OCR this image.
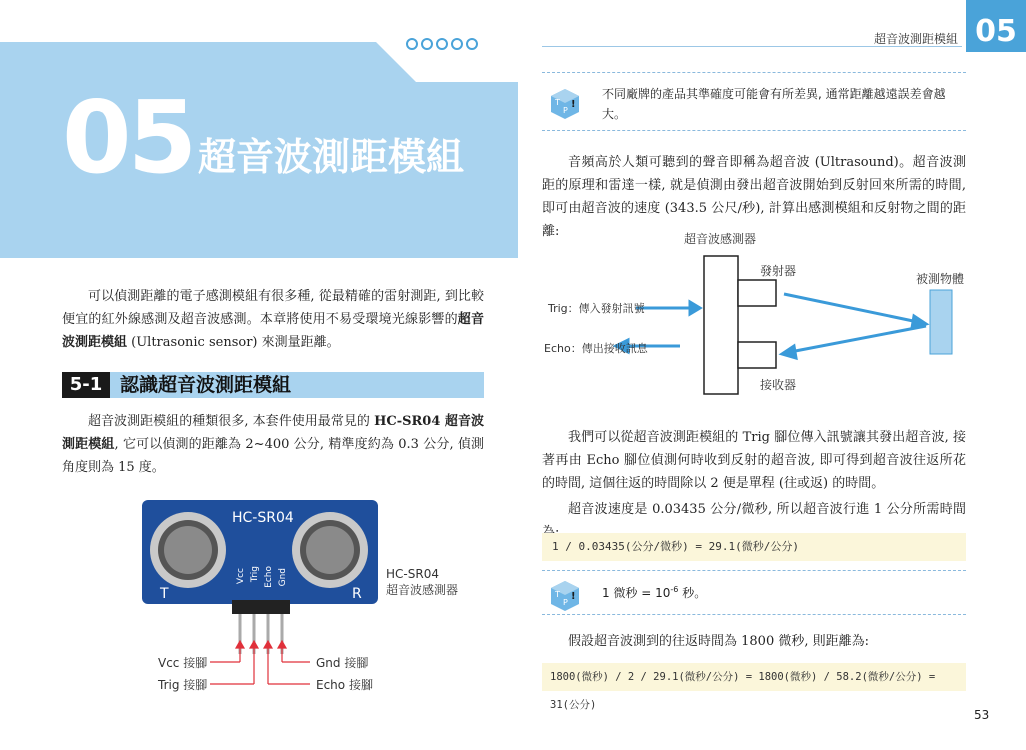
超音波測距模組 05
05 超音波測距模組

可以偵測距離的電子感測模組有很多種, 從最精確的雷射測距, 到比較便宜的紅外線感測及超音波感測。本章將使用不易受環境光線影響的超音波測距模組 (Ultrasonic sensor) 來測量距離。

5-1 認識超音波測距模組

超音波測距模組的種類很多, 本套件使用最常見的 HC-SR04 超音波測距模組, 它可以偵測的距離為 2~400 公分, 精準度約為 0.3 公分, 偵測角度則為 15 度。

HC-SR04
T	R
Vcc Trig Echo Gnd	HC-SR04
超音波感測器
Vcc 接腳
Trig 接腳
Gnd 接腳
Echo 接腳
T
P
!
不同廠牌的產品其準確度可能會有所差異, 通常距離越遠誤差會越大。

音頻高於人類可聽到的聲音即稱為超音波 (Ultrasound)。超音波測距的原理和雷達一樣, 就是偵測由發出超音波開始到反射回來所需的時間, 即可由超音波的速度 (343.5 公尺/秒), 計算出感測模組和反射物之間的距離:	超音波感測器
發射器
接收器
被測物體
Trig：傳入發射訊號
Echo：傳出接收訊息

我們可以從超音波測距模組的 Trig 腳位傳入訊號讓其發出超音波, 接著再由 Echo 腳位偵測何時收到反射的超音波, 即可得到超音波往返所花的時間, 這個往返的時間除以 2 便是單程 (往或返) 的時間。

超音波速度是 0.03435 公分/微秒, 所以超音波行進 1 公分所需時間

1 / 0.03435(公分/微秒) = 29.1(微秒/公分)
T
P
! 1 微秒 = $10^{-6}$ 秒。

假設超音波測到的往返時間為 1800 微秒, 則距離為:

1800(微秒) / 2 / 29.1(微秒/公分) = 1800(微秒) / 58.2(微秒/公分) = 31(公分)
53
